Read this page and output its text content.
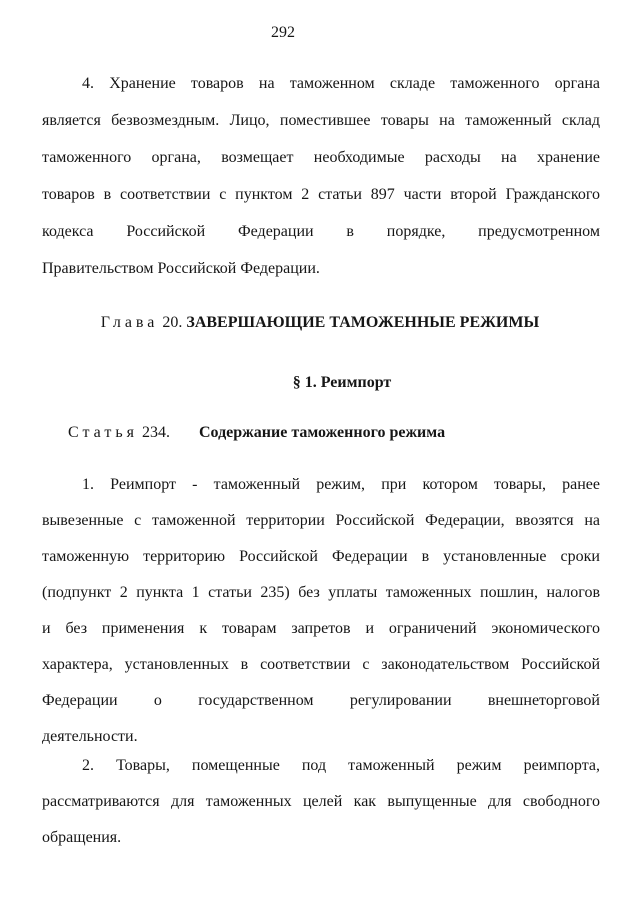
292
4. Хранение товаров на таможенном складе таможенного органа
является безвозмездным. Лицо, поместившее товары на таможенный склад
таможенного органа, возмещает необходимые расходы на хранение
товаров в соответствии с пунктом 2 статьи 897 части второй Гражданского
кодекса Российской Федерации в порядке, предусмотренном
Правительством Российской Федерации.
Глава 20. ЗАВЕРШАЮЩИЕ ТАМОЖЕННЫЕ РЕЖИМЫ
§ 1. Реимпорт
Статья 234. Содержание таможенного режима
1. Реимпорт - таможенный режим, при котором товары, ранее
вывезенные с таможенной территории Российской Федерации, ввозятся на
таможенную территорию Российской Федерации в установленные сроки
(подпункт 2 пункта 1 статьи 235) без уплаты таможенных пошлин, налогов
и без применения к товарам запретов и ограничений экономического
характера, установленных в соответствии с законодательством Российской
Федерации о государственном регулировании внешнеторговой
деятельности.
2. Товары, помещенные под таможенный режим реимпорта,
рассматриваются для таможенных целей как выпущенные для свободного
обращения.
